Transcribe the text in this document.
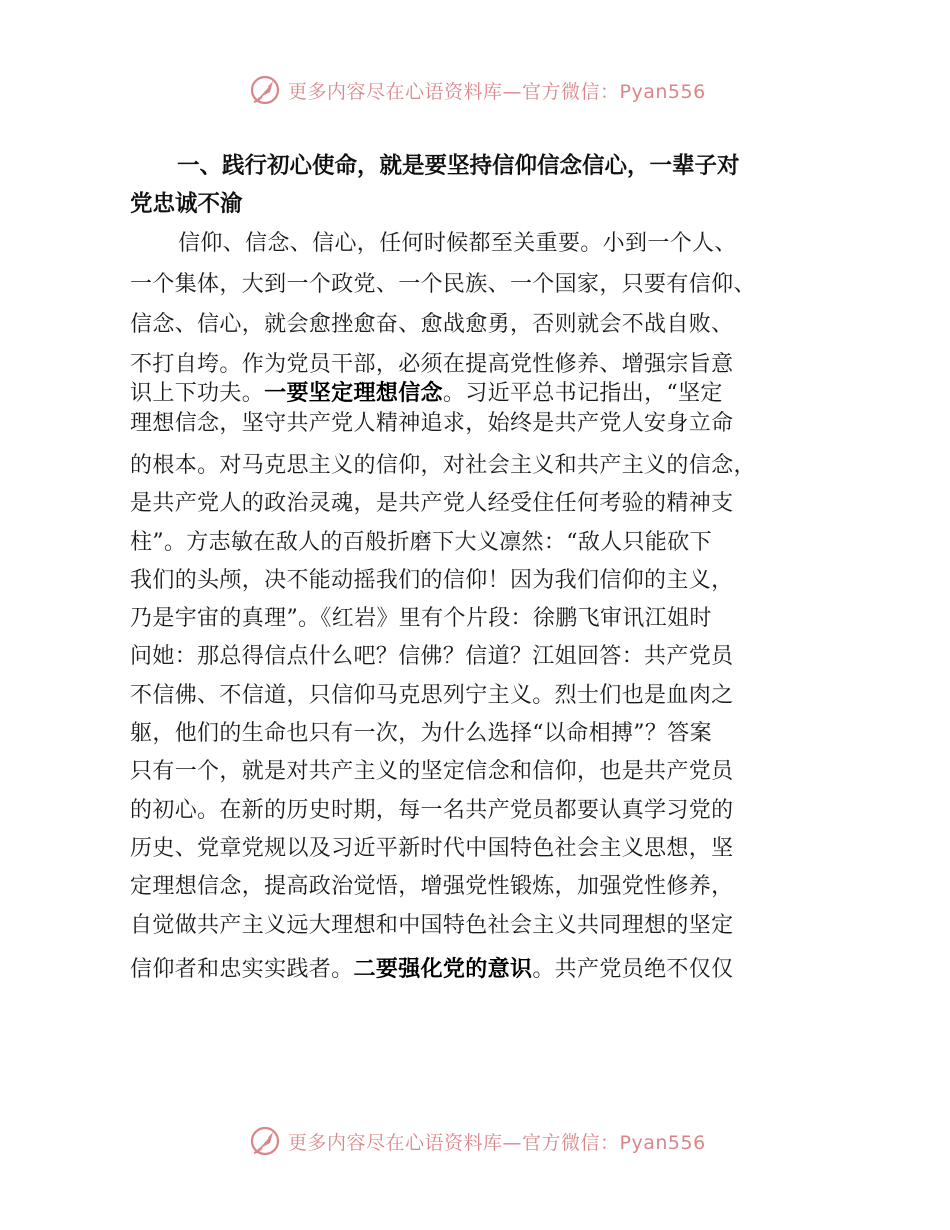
更多内容尽在心语资料库—官方微信：Pyan556
一、践行初心使命，就是要坚持信仰信念信心，一辈子对
党忠诚不渝
信仰、信念、信心，任何时候都至关重要。小到一个人、
一个集体，大到一个政党、一个民族、一个国家，只要有信仰、
信念、信心，就会愈挫愈奋、愈战愈勇，否则就会不战自败、
不打自垮。作为党员干部，必须在提高党性修养、增强宗旨意
识上下功夫。一要坚定理想信念。习近平总书记指出，“坚定
理想信念，坚守共产党人精神追求，始终是共产党人安身立命
的根本。对马克思主义的信仰，对社会主义和共产主义的信念，
是共产党人的政治灵魂，是共产党人经受住任何考验的精神支
柱”。方志敏在敌人的百般折磨下大义凛然：“敌人只能砍下
我们的头颅，决不能动摇我们的信仰！因为我们信仰的主义，
乃是宇宙的真理”。《红岩》里有个片段：徐鹏飞审讯江姐时
问她：那总得信点什么吧？信佛？信道？江姐回答：共产党员
不信佛、不信道，只信仰马克思列宁主义。烈士们也是血肉之
躯，他们的生命也只有一次，为什么选择“以命相搏”？答案
只有一个，就是对共产主义的坚定信念和信仰，也是共产党员
的初心。在新的历史时期，每一名共产党员都要认真学习党的
历史、党章党规以及习近平新时代中国特色社会主义思想，坚
定理想信念，提高政治觉悟，增强党性锻炼，加强党性修养，
自觉做共产主义远大理想和中国特色社会主义共同理想的坚定
信仰者和忠实实践者。二要强化党的意识。共产党员绝不仅仅
更多内容尽在心语资料库—官方微信：Pyan556
